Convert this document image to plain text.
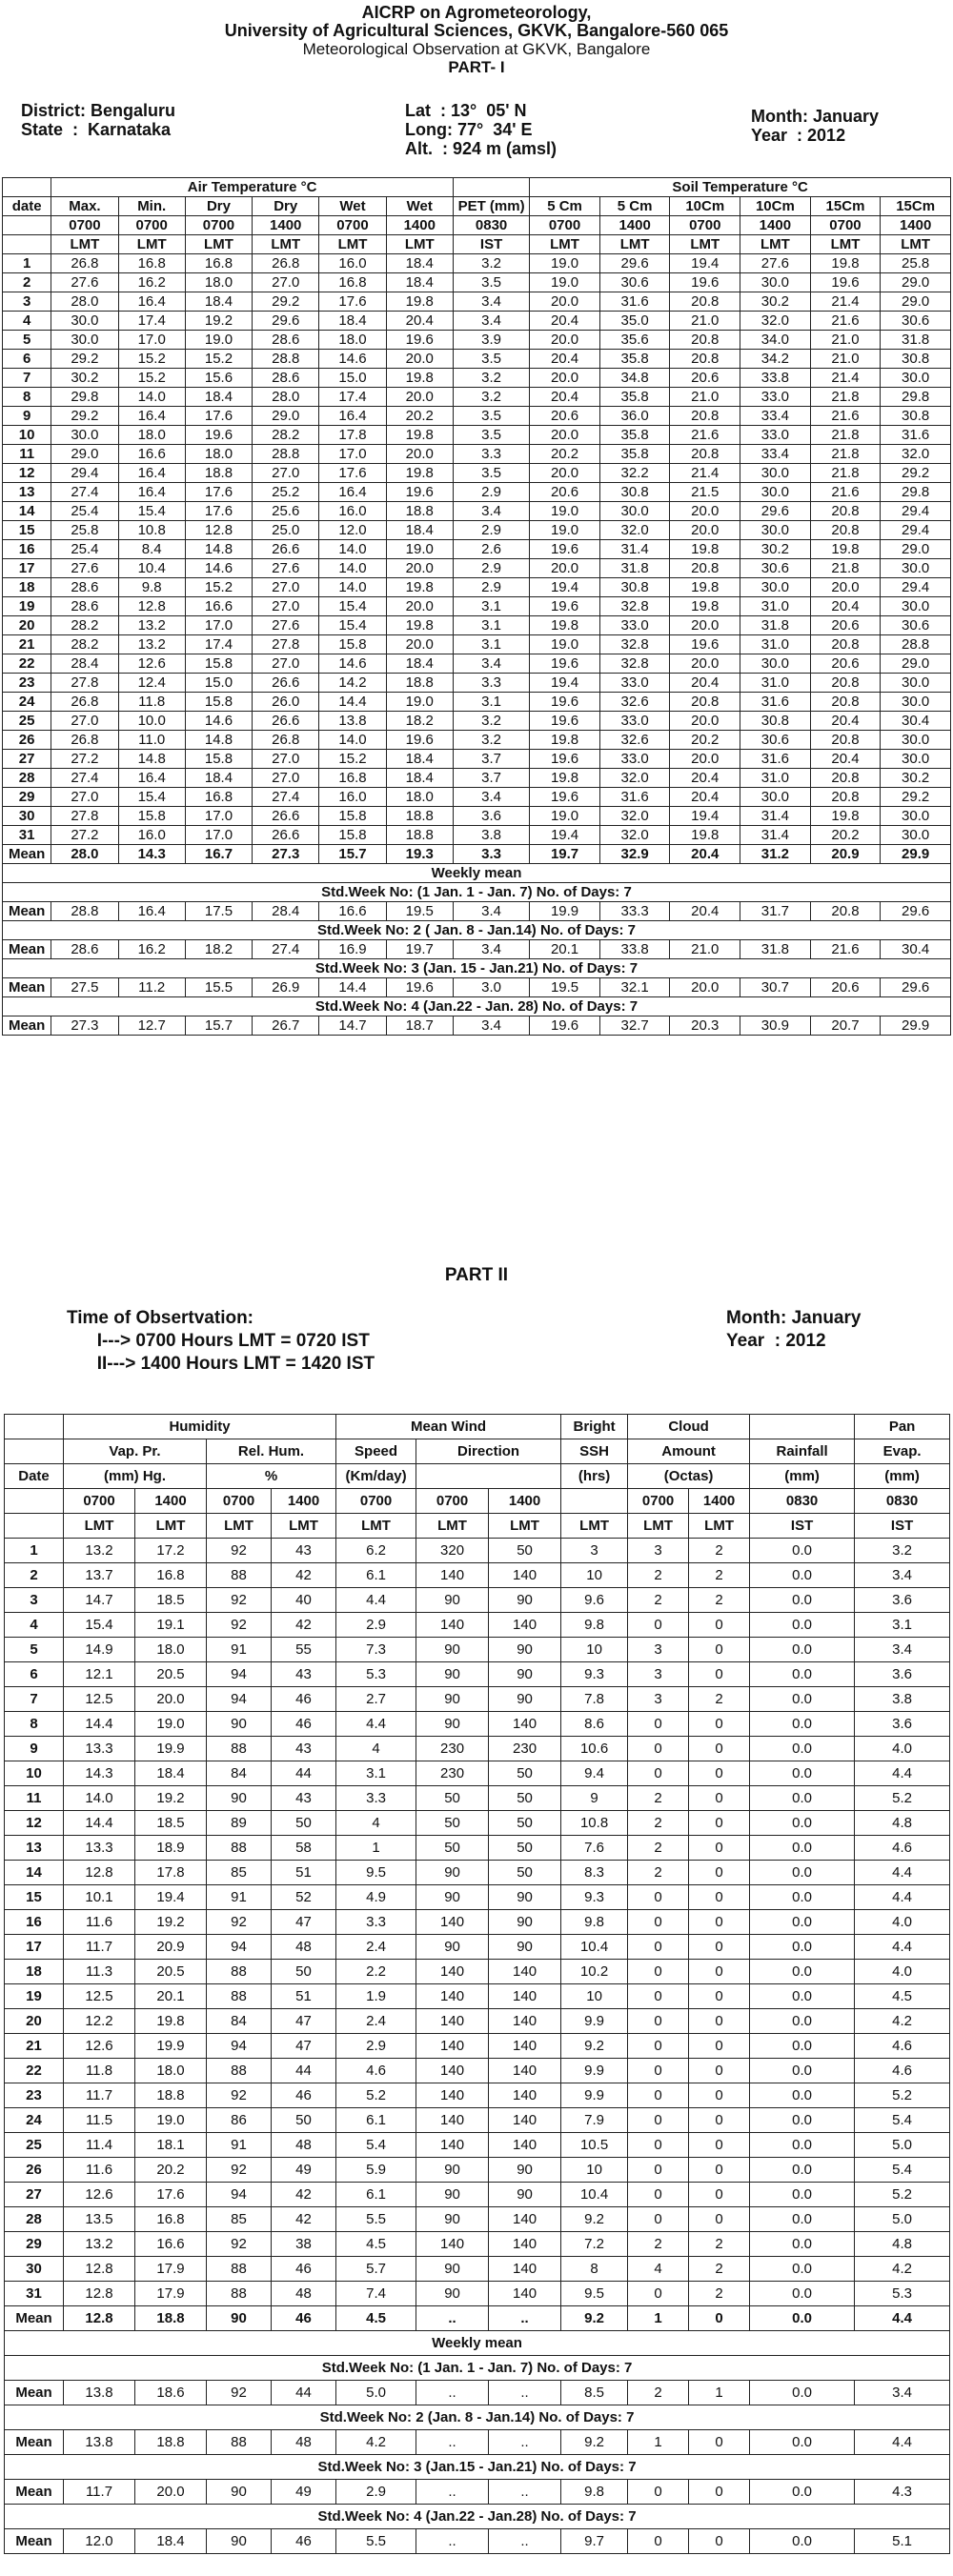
AICRP on Agrometeorology,
University of Agricultural Sciences, GKVK, Bangalore-560 065
Meteorological Observation at GKVK, Bangalore
PART- I
District: Bengaluru
State  :  Karnataka
Lat  : 13°  05' N
Long: 77°  34' E
Alt.  : 924 m (amsl)
Month: January
Year  : 2012
	Air Temperature °C							Soil Temperature °C					
date	Max.	Min.	Dry	Dry	Wet	Wet	PET (mm)	5 Cm	5 Cm	10Cm	10Cm	15Cm	15Cm
	0700	0700	0700	1400	0700	1400	0830	0700	1400	0700	1400	0700	1400
	LMT	LMT	LMT	LMT	LMT	LMT	IST	LMT	LMT	LMT	LMT	LMT	LMT
1	26.8	16.8	16.8	26.8	16.0	18.4	3.2	19.0	29.6	19.4	27.6	19.8	25.8
2	27.6	16.2	18.0	27.0	16.8	18.4	3.5	19.0	30.6	19.6	30.0	19.6	29.0
3	28.0	16.4	18.4	29.2	17.6	19.8	3.4	20.0	31.6	20.8	30.2	21.4	29.0
4	30.0	17.4	19.2	29.6	18.4	20.4	3.4	20.4	35.0	21.0	32.0	21.6	30.6
5	30.0	17.0	19.0	28.6	18.0	19.6	3.9	20.0	35.6	20.8	34.0	21.0	31.8
6	29.2	15.2	15.2	28.8	14.6	20.0	3.5	20.4	35.8	20.8	34.2	21.0	30.8
7	30.2	15.2	15.6	28.6	15.0	19.8	3.2	20.0	34.8	20.6	33.8	21.4	30.0
8	29.8	14.0	18.4	28.0	17.4	20.0	3.2	20.4	35.8	21.0	33.0	21.8	29.8
9	29.2	16.4	17.6	29.0	16.4	20.2	3.5	20.6	36.0	20.8	33.4	21.6	30.8
10	30.0	18.0	19.6	28.2	17.8	19.8	3.5	20.0	35.8	21.6	33.0	21.8	31.6
11	29.0	16.6	18.0	28.8	17.0	20.0	3.3	20.2	35.8	20.8	33.4	21.8	32.0
12	29.4	16.4	18.8	27.0	17.6	19.8	3.5	20.0	32.2	21.4	30.0	21.8	29.2
13	27.4	16.4	17.6	25.2	16.4	19.6	2.9	20.6	30.8	21.5	30.0	21.6	29.8
14	25.4	15.4	17.6	25.6	16.0	18.8	3.4	19.0	30.0	20.0	29.6	20.8	29.4
15	25.8	10.8	12.8	25.0	12.0	18.4	2.9	19.0	32.0	20.0	30.0	20.8	29.4
16	25.4	8.4	14.8	26.6	14.0	19.0	2.6	19.6	31.4	19.8	30.2	19.8	29.0
17	27.6	10.4	14.6	27.6	14.0	20.0	2.9	20.0	31.8	20.8	30.6	21.8	30.0
18	28.6	9.8	15.2	27.0	14.0	19.8	2.9	19.4	30.8	19.8	30.0	20.0	29.4
19	28.6	12.8	16.6	27.0	15.4	20.0	3.1	19.6	32.8	19.8	31.0	20.4	30.0
20	28.2	13.2	17.0	27.6	15.4	19.8	3.1	19.8	33.0	20.0	31.8	20.6	30.6
21	28.2	13.2	17.4	27.8	15.8	20.0	3.1	19.0	32.8	19.6	31.0	20.8	28.8
22	28.4	12.6	15.8	27.0	14.6	18.4	3.4	19.6	32.8	20.0	30.0	20.6	29.0
23	27.8	12.4	15.0	26.6	14.2	18.8	3.3	19.4	33.0	20.4	31.0	20.8	30.0
24	26.8	11.8	15.8	26.0	14.4	19.0	3.1	19.6	32.6	20.8	31.6	20.8	30.0
25	27.0	10.0	14.6	26.6	13.8	18.2	3.2	19.6	33.0	20.0	30.8	20.4	30.4
26	26.8	11.0	14.8	26.8	14.0	19.6	3.2	19.8	32.6	20.2	30.6	20.8	30.0
27	27.2	14.8	15.8	27.0	15.2	18.4	3.7	19.6	33.0	20.0	31.6	20.4	30.0
28	27.4	16.4	18.4	27.0	16.8	18.4	3.7	19.8	32.0	20.4	31.0	20.8	30.2
29	27.0	15.4	16.8	27.4	16.0	18.0	3.4	19.6	31.6	20.4	30.0	20.8	29.2
30	27.8	15.8	17.0	26.6	15.8	18.8	3.6	19.0	32.0	19.4	31.4	19.8	30.0
31	27.2	16.0	17.0	26.6	15.8	18.8	3.8	19.4	32.0	19.8	31.4	20.2	30.0
Mean	28.0	14.3	16.7	27.3	15.7	19.3	3.3	19.7	32.9	20.4	31.2	20.9	29.9
Weekly mean													
Std.Week No: (1 Jan. 1 - Jan. 7) No. of Days: 7													
Mean	28.8	16.4	17.5	28.4	16.6	19.5	3.4	19.9	33.3	20.4	31.7	20.8	29.6
Std.Week No: 2 ( Jan. 8 - Jan.14) No. of Days: 7													
Mean	28.6	16.2	18.2	27.4	16.9	19.7	3.4	20.1	33.8	21.0	31.8	21.6	30.4
Std.Week No: 3 (Jan. 15 - Jan.21) No. of Days: 7													
Mean	27.5	11.2	15.5	26.9	14.4	19.6	3.0	19.5	32.1	20.0	30.7	20.6	29.6
Std.Week No: 4 (Jan.22 - Jan. 28) No. of Days: 7													
Mean	27.3	12.7	15.7	26.7	14.7	18.7	3.4	19.6	32.7	20.3	30.9	20.7	29.9
PART II
Time of Obsertvation:
I---> 0700 Hours LMT = 0720 IST
II---> 1400 Hours LMT = 1420 IST
Month: January
Year  : 2012
	Humidity				Mean Wind			Bright	Cloud			Pan
	Vap. Pr.		Rel. Hum.		Speed	Direction		SSH	Amount		Rainfall	Evap.
Date	(mm) Hg.		%		(Km/day)			(hrs)	(Octas)		(mm)	(mm)
	0700	1400	0700	1400	0700	0700	1400		0700	1400	0830	0830
	LMT	LMT	LMT	LMT	LMT	LMT	LMT	LMT	LMT	LMT	IST	IST
1	13.2	17.2	92	43	6.2	320	50	3	3	2	0.0	3.2
2	13.7	16.8	88	42	6.1	140	140	10	2	2	0.0	3.4
3	14.7	18.5	92	40	4.4	90	90	9.6	2	2	0.0	3.6
4	15.4	19.1	92	42	2.9	140	140	9.8	0	0	0.0	3.1
5	14.9	18.0	91	55	7.3	90	90	10	3	0	0.0	3.4
6	12.1	20.5	94	43	5.3	90	90	9.3	3	0	0.0	3.6
7	12.5	20.0	94	46	2.7	90	90	7.8	3	2	0.0	3.8
8	14.4	19.0	90	46	4.4	90	140	8.6	0	0	0.0	3.6
9	13.3	19.9	88	43	4	230	230	10.6	0	0	0.0	4.0
10	14.3	18.4	84	44	3.1	230	50	9.4	0	0	0.0	4.4
11	14.0	19.2	90	43	3.3	50	50	9	2	0	0.0	5.2
12	14.4	18.5	89	50	4	50	50	10.8	2	0	0.0	4.8
13	13.3	18.9	88	58	1	50	50	7.6	2	0	0.0	4.6
14	12.8	17.8	85	51	9.5	90	50	8.3	2	0	0.0	4.4
15	10.1	19.4	91	52	4.9	90	90	9.3	0	0	0.0	4.4
16	11.6	19.2	92	47	3.3	140	90	9.8	0	0	0.0	4.0
17	11.7	20.9	94	48	2.4	90	90	10.4	0	0	0.0	4.4
18	11.3	20.5	88	50	2.2	140	140	10.2	0	0	0.0	4.0
19	12.5	20.1	88	51	1.9	140	140	10	0	0	0.0	4.5
20	12.2	19.8	84	47	2.4	140	140	9.9	0	0	0.0	4.2
21	12.6	19.9	94	47	2.9	140	140	9.2	0	0	0.0	4.6
22	11.8	18.0	88	44	4.6	140	140	9.9	0	0	0.0	4.6
23	11.7	18.8	92	46	5.2	140	140	9.9	0	0	0.0	5.2
24	11.5	19.0	86	50	6.1	140	140	7.9	0	0	0.0	5.4
25	11.4	18.1	91	48	5.4	140	140	10.5	0	0	0.0	5.0
26	11.6	20.2	92	49	5.9	90	90	10	0	0	0.0	5.4
27	12.6	17.6	94	42	6.1	90	90	10.4	0	0	0.0	5.2
28	13.5	16.8	85	42	5.5	90	140	9.2	0	0	0.0	5.0
29	13.2	16.6	92	38	4.5	140	140	7.2	2	2	0.0	4.8
30	12.8	17.9	88	46	5.7	90	140	8	4	2	0.0	4.2
31	12.8	17.9	88	48	7.4	90	140	9.5	0	2	0.0	5.3
Mean	12.8	18.8	90	46	4.5	..	..	9.2	1	0	0.0	4.4
Weekly mean												
Std.Week No: (1 Jan. 1 - Jan. 7) No. of Days: 7												
Mean	13.8	18.6	92	44	5.0	..	..	8.5	2	1	0.0	3.4
Std.Week No: 2 (Jan. 8 - Jan.14) No. of Days: 7												
Mean	13.8	18.8	88	48	4.2	..	..	9.2	1	0	0.0	4.4
Std.Week No: 3 (Jan.15 - Jan.21) No. of Days: 7												
Mean	11.7	20.0	90	49	2.9	..	..	9.8	0	0	0.0	4.3
Std.Week No: 4 (Jan.22 - Jan.28) No. of Days: 7												
Mean	12.0	18.4	90	46	5.5	..	..	9.7	0	0	0.0	5.1
